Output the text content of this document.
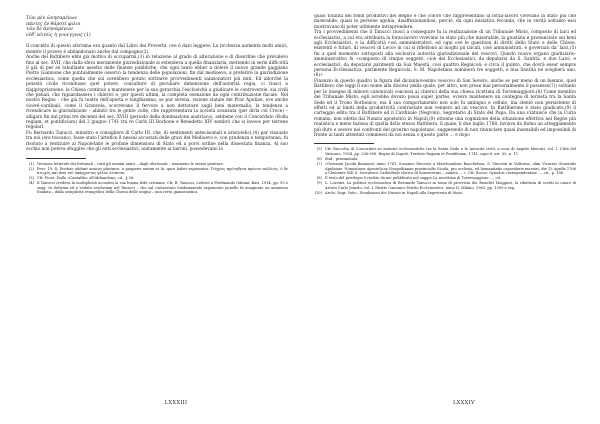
Τῶν μὲν ὠνησαμένων
πάντες ἐν θάρσεϊ φιλοι
τῶν δὲ ἀνησαμένων
οὐδ' αὐτοὶς ἡ γυνεγγυος (1)

Il concetto di questo aforisma era quanto dal Libro dei Proverbi, ove è dato leggere: La ricchezza aumenta molti amici, mentre il povero è abbandonato anche dal compagno(2).

Anche del Battibero ebbi già motivo di occuparmi,(3) in relazione al grado di alterazione e di disordine che prevalevo fino al sec. XVII, che dalla sfera meramente giurisdizionale si estendeva a quella finanziaria, mettendo in serie difficoltà il già di per sé tabullante assetto delle finanze pubbliche, che ogni tanto ebber a dolere il nuovo grande gaggiano Pietro Giannone che puntualmente osservò la tendenza delle popolazioni, fin dal medioevo, a preferire la giurisdizione ecclesiastica, come quella che sui cerebbero potuto sottrarre provvedimenti sanzionatori più miti. Ed allorché la potestà civile ricondusse quel potere, consultore di peculiare dimensione dell'autorità regia, ci riuscì a riappropriarsene, la Chiesa continuò a mantenere per la sua gerarchia l'esclusività a giudicare le controversie, sia civili che penali, che riguardassero i chierici e, per questi ultimi, la completa esenzione da ogni contribuzione fiscale. Nel nostro Regno – che già fu teatro dell'aperta e lunghissima, se pur serena, visione statale del Prav Apuliae, ove anche viceré-cardinali, come il Granvela, scorrevano il fervore a non dettorare sugli beni maternalia, la tendenza a rivendicare la giurisdizione – alimitò tra le gente colte, che rappresentava la società avanzata (per dirla col Croce) – alligatò fin dal primi tre decenni del sec. XVIII (periodo della dominazione austriaca), sebbene con il Concordato (Bolla regiam, et pontificium) del 2 giugno 1741 tra re Carlo III Borbone e Benedetto XIV sembrò che si invece per terrene regolari.

Fu Bernardo Tanucci, ministro e consigliere di Carlo III, che, di sentimenti antecisomali e aristotelici,(4) par vinsuato tra noi (era toscano), fosse stato l'artefice il nessul accostati delle gravi del Medioevo e, con prudenza e temporanea, fu risoluto a restituire al Napoletano le profane dimensioni di Stato ed a porvi ordine nella dissestata finanza. Al suo occhio non poteva sfuggire che gli enti ecclesiastici, unitamente ai baroni, possedevano la

(1) Versione letterale dei fortunati – tutti gli uomini amici – dagli sfortunati – nemmeno le stesse genitore.
(2) Prov. 19, 4: Divitiae addunt amicos plurimos, a pauperis autem et hi, quos habet separantur. Τεύχεος πρώτηθρια πρόνου πολλούς, ὁ δὲ πτωχὸς καὶ ἀπὸ τοῦ ὑπάρχοντος φίλον λείπεται.
(3) Cfr. Fiore, Dalla «Cantafila» all'Abbandono, cit., § 26.
(4) Il Tanucci credeva la moltiplicità accadesi la sua buona fede cristiana. Cfr. B. Tanucci, Lettere a Ferdinando Galiani, Bari, 1914, pp. 93 e segg. In dottrina ed a veduta cercheiam nel Tanucci – che sul contrastato fondamentale argomento ponello fu anaginato un ammesso fondata – dalla semplicità evangelica della Chiesa delle origini – una certa giansenistica.
LXXXIII

quasi totalità dei fondi produttivi del Regno e che coloro che rappresentano la forza-lavoro vivevano in stato più che miserabile; quasi in persone agonia, disaffezionandosi, perciò, da ogni iniziativa feconda, che in verità soltanto essi mostravano di poter utilmente intraprendere.

Tra i provvedimenti che il Tanucci riuscì a conseguire fu la realizzazione di un Tribunale Misto, composto di laici ed ecclesiastici, a cui era attribuita la forza-lavoro vivevano in stato più che miserabile, la giustizia e pronunciato sui beni agli Ecclesiastici, e la difficoltà così amministratori, ed ogni ove le questioni di diritti dello Stato e delle Chiese, esistenti e futuri, di vescovi di Lecce in cui si riflettono ai luoghi pii laicali, cioè amministrati, e governati da' laici,(5) fin a quel momento sottoposti alla esclusiva autorità giurisdizionale dei vescovi. Questo nuovo organo giudiziario-amministrativo fu «composto di cinque soggetti, cioè dei Ecclesiastici, da deputarsi da S. Santità, e due Laici, e ecclesiastici, da deputarsi parimenti da Sua Maestà, così quattro Regnicoli; e circa il quinto, che dovrà esser sempre persona Ecclesiastica, parimente Regnicola, S. M. Napoletana nominerà tre soggetti, e Sua Santità ne sceglierà uno.(6)»

Finanzio in questo quadro la figura del diciannovesimo vescovo di San Severo, anche se per meno di un biennio, quel Battibero che leggi il suo nome alla diocesi (della quale, per altro, non prese mai personalmente il possesso(7)) soltanto per le insegne di minore canonicati concessi ai chierici della sua chiesa ricettata di Torremaggiore.(8) Come membro del Tribunale Misto, egli avrebbe dovuto posai super partes, ovvero mantenere un contegno di terzietà tra la Santa Sede ed il Trono Borbonico; ma il suo comportamento non solo fu ambiguo e cellulo, ma stentò non persistente di effetti ed ai limiti della produttività contrastate non vennero ad un vescovo. In Battiberone è stato giudicato,(9) il carteggio edito tra il Battibero ed il Cardinale (Negroni), Segretario di Stato del Papa. Da una s'intuisce che la Curia romana, non sdetta dal Nunzio apostolico in Napoli,(9) ottenne una cognizione della situazione effettiva nel Regno più realistica e meno faziosa di quella dello stesso Battibero, il quale, il due luglio 1768, inviava da Roma un atteggiamento più duro e severo nei confronti del governo napoletano, suggerendo di non rinunciare quasi insensibili ed impossibili di fronte ai tanti attentati commessi da noi senza o questo parte ... e dopo

(5) Cfr. Raccolta di Concordati su materie ecclesiastiche tra la Santa Sede e le Autorità civili, a cura di Angelo Mercati, vol. I, Città del Vaticano, 1954, pp. 336-368. Regno di Napoli: Trattato Regiam et Pontificiam, 1741, capo 6, art. 55, n. 11.
(6) Ibid., praeambula.
(7) «Giovanni Jacobi Bannoni» anno 1761. Susanno Diocesis a Marchionibus Bauchelson, S. Vincenti in Vulturno, olim Vicarius Generalis Apulanae. Nomiatione Apostolicae Neapolitanae provincialis Sicula, pro ecclesia, ed humanitatis caporaleris maestri, die 13 Aprilis 1766 a Clemente XIII S. Sovratrice Cathedrale clerico di Sanseverino – aunato ... ». Cfr. Rocco, Synodus corrispondentiae ..., cit., p. 186.
(8) Il testo del privilegio è riedito da me pubblicato nel saggio La recettizia di Torremaggiore ..., cit.
(9) L. Lorenzi, La politica ecclesiastica di Bernardo Tanucci in tema di provvista dei Benefici Maggiori, la ribattuta di scritti in onore di Arturo Carlo Jemolo, vol. I, Diritto Canonico-Diritto Ecclesiastico, tomo II, Milano, 1963, pp. 1309 e seg.
(10) Archi. Segr. Vatic., Fondazioni dei Nunzio in Napoli alla Segreteria di Stato.
LXXXIV
